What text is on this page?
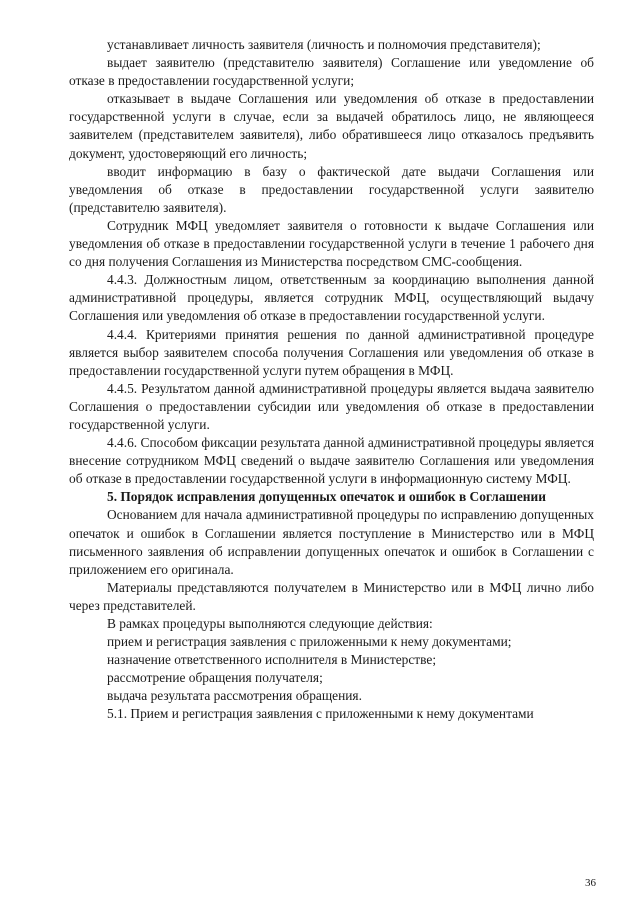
устанавливает личность заявителя (личность и полномочия представителя);

выдает заявителю (представителю заявителя) Соглашение или уведомление об отказе в предоставлении государственной услуги;

отказывает в выдаче Соглашения или уведомления об отказе в предоставлении государственной услуги в случае, если за выдачей обратилось лицо, не являющееся заявителем (представителем заявителя), либо обратившееся лицо отказалось предъявить документ, удостоверяющий его личность;

вводит информацию в базу о фактической дате выдачи Соглашения или уведомления об отказе в предоставлении государственной услуги заявителю (представителю заявителя).

Сотрудник МФЦ уведомляет заявителя о готовности к выдаче Соглашения или уведомления об отказе в предоставлении государственной услуги в течение 1 рабочего дня со дня получения Соглашения из Министерства посредством СМС-сообщения.

4.4.3. Должностным лицом, ответственным за координацию выполнения данной административной процедуры, является сотрудник МФЦ, осуществляющий выдачу Соглашения или уведомления об отказе в предоставлении государственной услуги.

4.4.4. Критериями принятия решения по данной административной процедуре является выбор заявителем способа получения Соглашения или уведомления об отказе в предоставлении государственной услуги путем обращения в МФЦ.

4.4.5. Результатом данной административной процедуры является выдача заявителю Соглашения о предоставлении субсидии или уведомления об отказе в предоставлении государственной услуги.

4.4.6. Способом фиксации результата данной административной процедуры является внесение сотрудником МФЦ сведений о выдаче заявителю Соглашения или уведомления об отказе в предоставлении государственной услуги в информационную систему МФЦ.

5. Порядок исправления допущенных опечаток и ошибок в Соглашении

Основанием для начала административной процедуры по исправлению допущенных опечаток и ошибок в Соглашении является поступление в Министерство или в МФЦ письменного заявления об исправлении допущенных опечаток и ошибок в Соглашении с приложением его оригинала.

Материалы представляются получателем в Министерство или в МФЦ лично либо через представителей.

В рамках процедуры выполняются следующие действия:

прием и регистрация заявления с приложенными к нему документами;

назначение ответственного исполнителя в Министерстве;

рассмотрение обращения получателя;

выдача результата рассмотрения обращения.

5.1. Прием и регистрация заявления с приложенными к нему документами

36
